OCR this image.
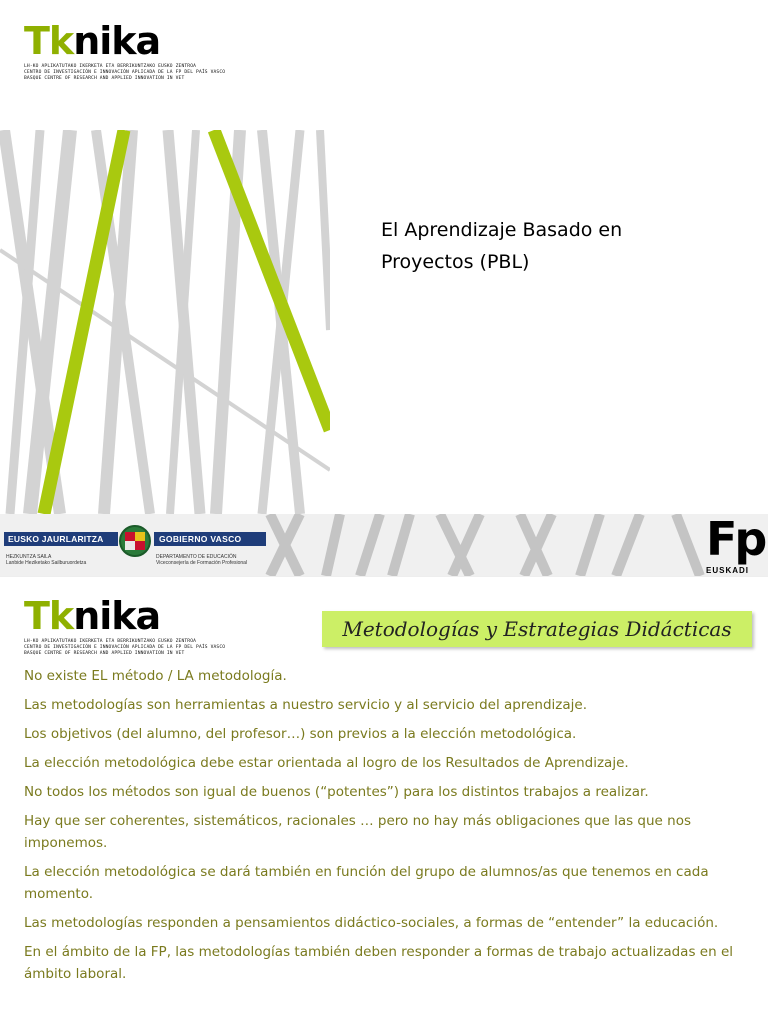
Tknika
LH-KO APLIKATUTAKO IKERKETA ETA BERRIKUNTZAKO EUSKO ZENTROA
CENTRO DE INVESTIGACIÓN E INNOVACIÓN APLICADA DE LA FP DEL PAÍS VASCO
BASQUE CENTRE OF RESEARCH AND APPLIED INNOVATION IN VET
El Aprendizaje Basado en
Proyectos (PBL)
EUSKO JAURLARITZA	GOBIERNO VASCO
HEZKUNTZA SAILA
Lanbide Heziketako Sailburuordetza
DEPARTAMENTO DE EDUCACIÓN
Viceconsejería de Formación Profesional	Fp
EUSKADI
Tknika
LH-KO APLIKATUTAKO IKERKETA ETA BERRIKUNTZAKO EUSKO ZENTROA
CENTRO DE INVESTIGACIÓN E INNOVACIÓN APLICADA DE LA FP DEL PAÍS VASCO
BASQUE CENTRE OF RESEARCH AND APPLIED INNOVATION IN VET
Metodologías y Estrategias Didácticas
No existe EL método / LA metodología.
Las metodologías son herramientas a nuestro servicio y al servicio del aprendizaje.
Los objetivos (del alumno, del profesor…) son previos a la elección metodológica.
La elección metodológica debe estar orientada al logro de los Resultados de Aprendizaje.
No todos los métodos son igual de buenos (“potentes”) para los distintos trabajos a realizar.
Hay que ser coherentes, sistemáticos, racionales … pero no hay más obligaciones que las que nos imponemos.
La elección metodológica se dará también en función del grupo de alumnos/as que tenemos en cada momento.
Las metodologías responden a pensamientos didáctico-sociales, a formas de “entender” la educación.
En el ámbito de la FP, las metodologías también deben responder a formas de trabajo actualizadas en el ámbito laboral.
